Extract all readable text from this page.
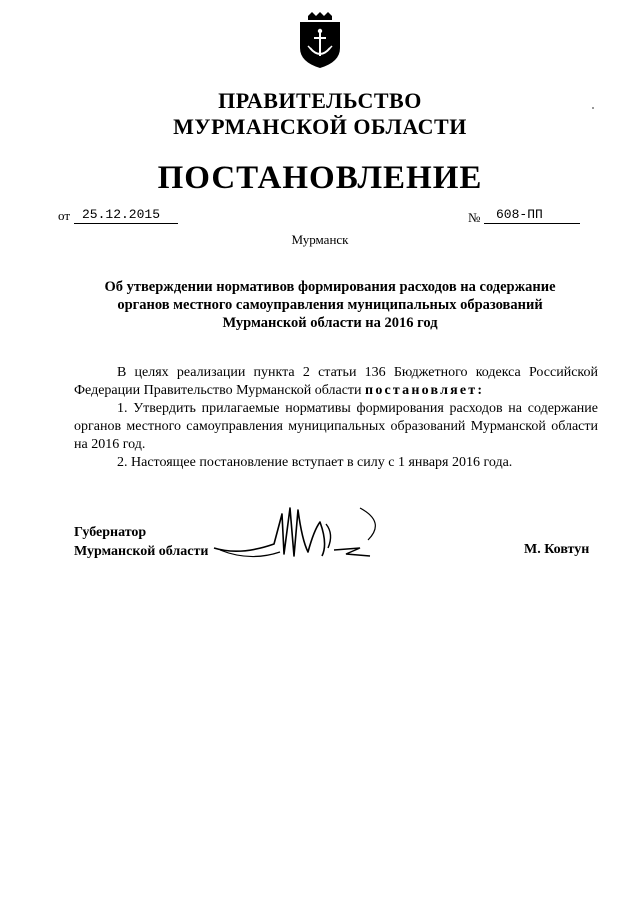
ПРАВИТЕЛЬСТВО
МУРМАНСКОЙ ОБЛАСТИ
ПОСТАНОВЛЕНИЕ
от 25.12.2015	№	608-ПП
Мурманск
Об утверждении нормативов формирования расходов на содержание
органов местного самоуправления муниципальных образований
Мурманской области на 2016 год

В целях реализации пункта 2 статьи 136 Бюджетного кодекса Российской Федерации Правительство Мурманской области постановляет:

1. Утвердить прилагаемые нормативы формирования расходов на содержание органов местного самоуправления муниципальных образований Мурманской области на 2016 год.

2. Настоящее постановление вступает в силу с 1 января 2016 года.

Губернатор
Мурманской области	М. Ковтун
